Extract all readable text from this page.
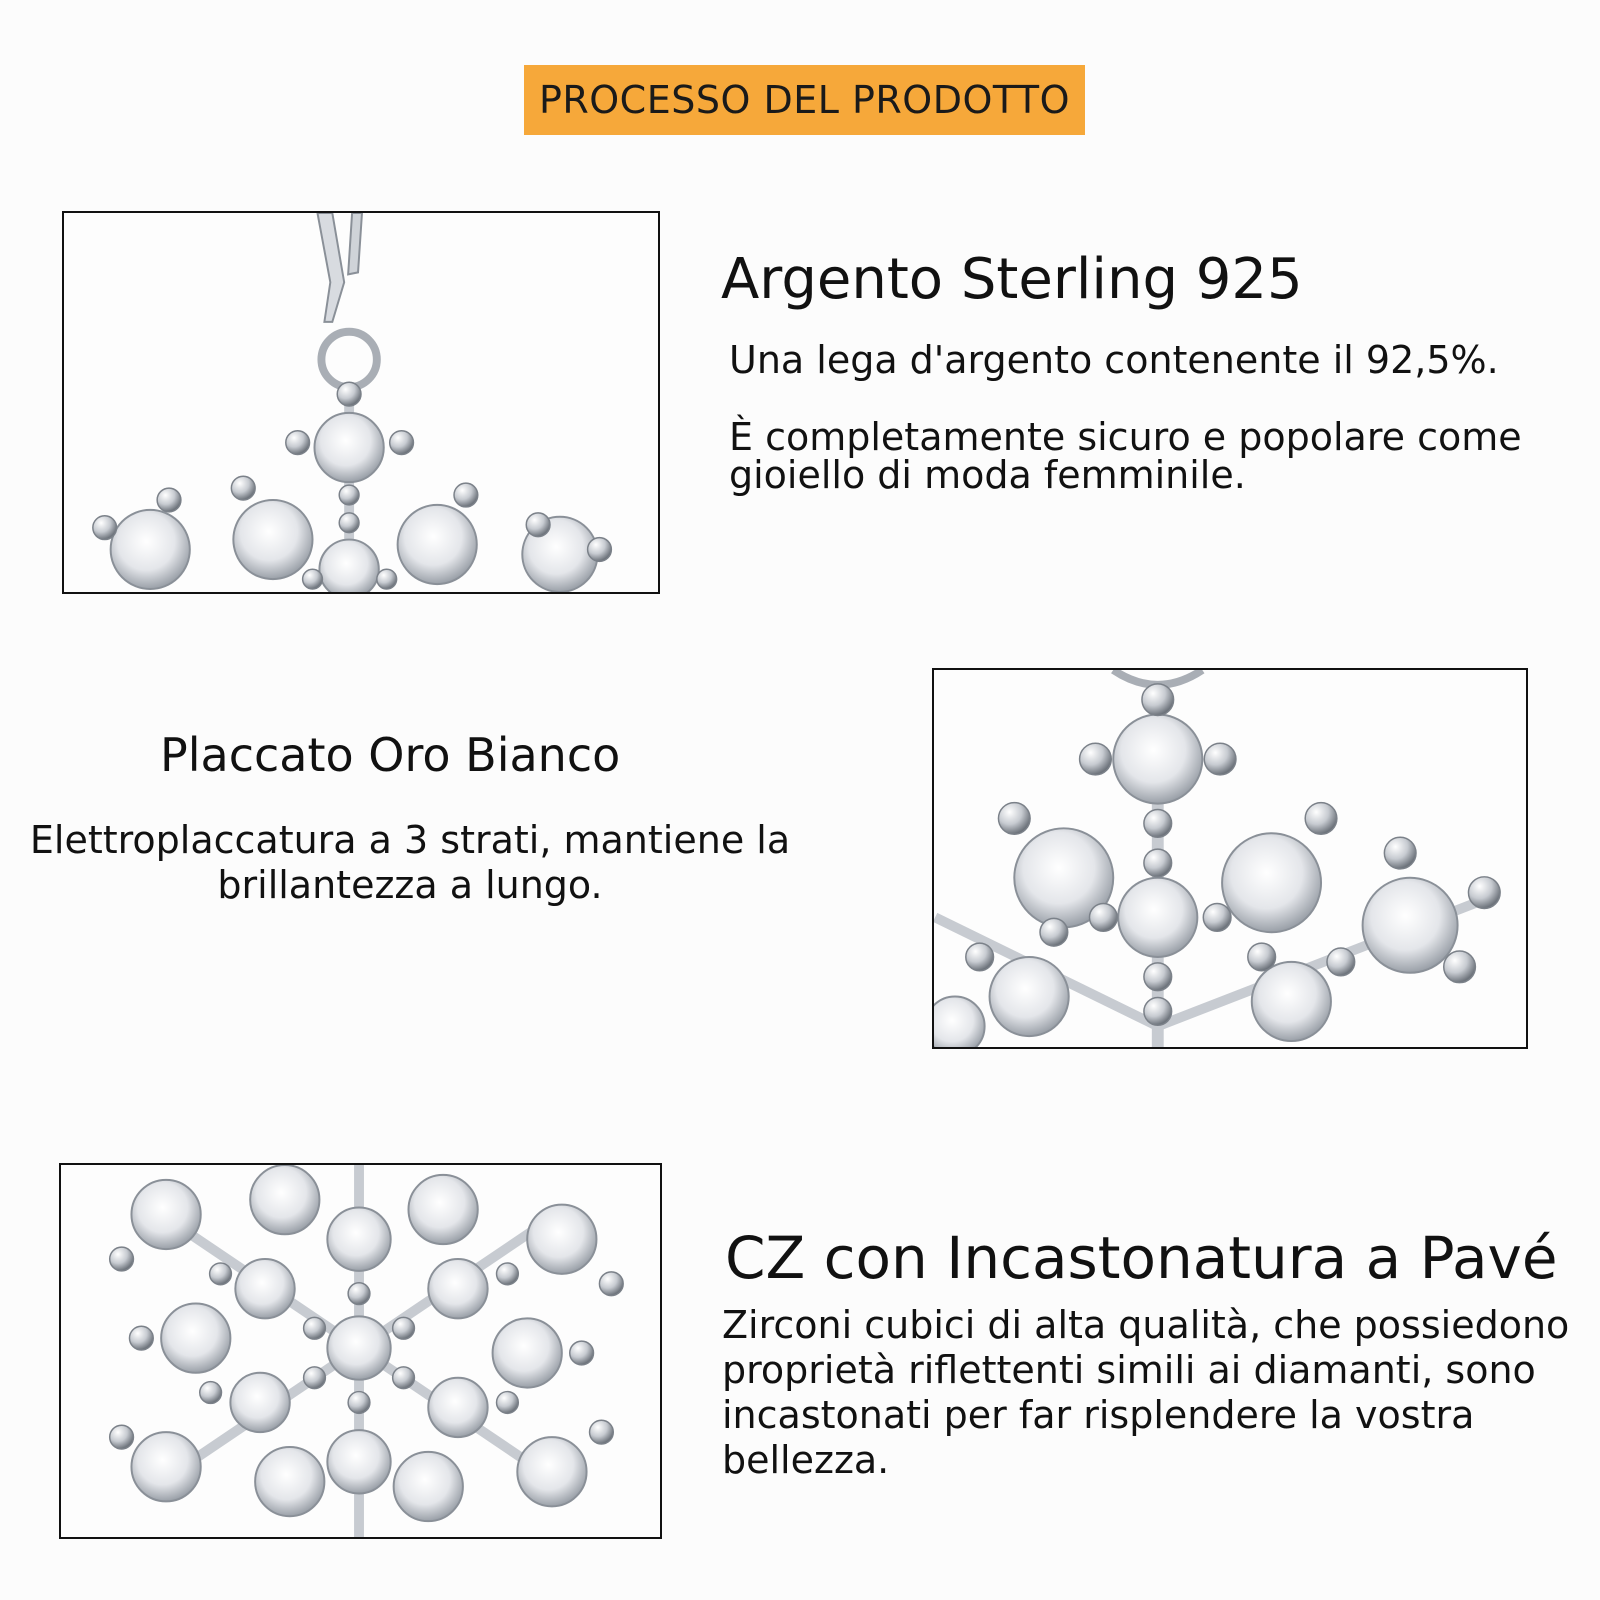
PROCESSO DEL PRODOTTO
Argento Sterling 925
Una lega d'argento contenente il 92,5%.
È completamente sicuro e popolare come gioiello di moda femminile.
Placcato Oro Bianco
Elettroplaccatura a 3 strati, mantiene la brillantezza a lungo.
CZ con Incastonatura a Pavé
Zirconi cubici di alta qualità, che possiedono proprietà riflettenti simili ai diamanti, sono incastonati per far risplendere la vostra bellezza.
